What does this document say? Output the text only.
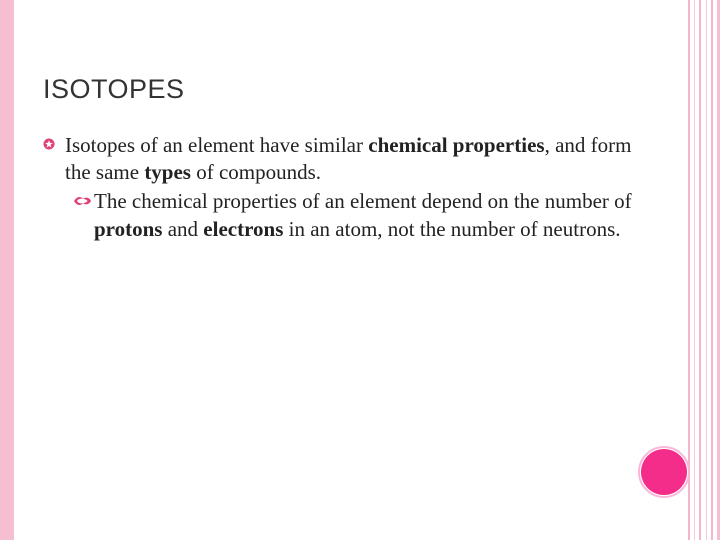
ISOTOPES
Isotopes of an element have similar chemical properties, and form the same types of compounds.
The chemical properties of an element depend on the number of protons and electrons in an atom, not the number of neutrons.
